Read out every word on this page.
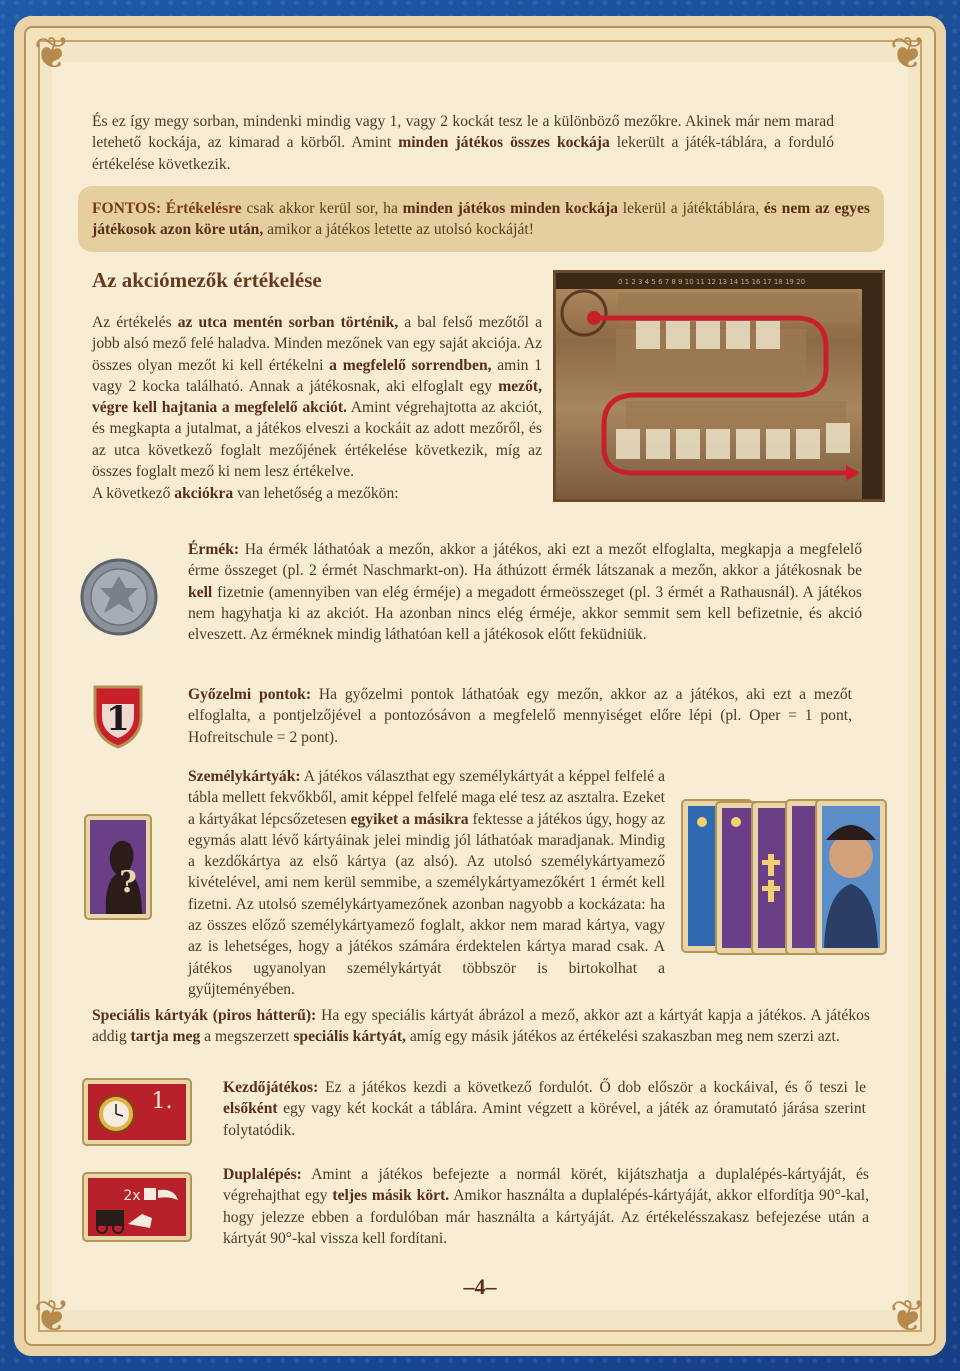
❦	❦
❦	❦

És ez így megy sorban, mindenki mindig vagy 1, vagy 2 kockát tesz le a különböző mezőkre. Akinek már nem marad letehető kockája, az kimarad a körből. Amint minden játékos összes kockája lekerült a játék-táblára, a forduló értékelése következik.

FONTOS: Értékelésre csak akkor kerül sor, ha minden játékos minden kockája lekerül a játéktáblára, és nem az egyes játékosok azon köre után, amikor a játékos letette az utolsó kockáját!

Az akciómezők értékelése

Az értékelés az utca mentén sorban történik, a bal felső mezőtől a jobb alsó mező felé haladva. Minden mezőnek van egy saját akciója. Az összes olyan mezőt ki kell értékelni a megfelelő sorrendben, amin 1 vagy 2 kocka található. Annak a játékosnak, aki elfoglalt egy mezőt, végre kell hajtania a megfelelő akciót. Amint végrehajtotta az akciót, és megkapta a jutalmat, a játékos elveszi a kockáit az adott mezőről, és az utca következő foglalt mezőjének értékelése következik, míg az összes foglalt mező ki nem lesz értékelve.

A következő akciókra van lehetőség a mezőkön:

0 1 2 3 4 5 6 7 8 9 10 11 12 13 14 15 16 17 18 19 20

Érmék: Ha érmék láthatóak a mezőn, akkor a játékos, aki ezt a mezőt elfoglalta, megkapja a megfelelő érme összeget (pl. 2 érmét Naschmarkt-on). Ha áthúzott érmék látszanak a mezőn, akkor a játékosnak be kell fizetnie (amennyiben van elég érméje) a megadott érmeösszeget (pl. 3 érmét a Rathausnál). A játékos nem hagyhatja ki az akciót. Ha azonban nincs elég érméje, akkor semmit sem kell befizetnie, és akció elveszett. Az érméknek mindig láthatóan kell a játékosok előtt feküdniük.

1

Győzelmi pontok: Ha győzelmi pontok láthatóak egy mezőn, akkor az a játékos, aki ezt a mezőt elfoglalta, a pontjelzőjével a pontozósávon a megfelelő mennyiséget előre lépi (pl. Oper = 1 pont, Hofreitschule = 2 pont).

?

Személykártyák: A játékos választhat egy személykártyát a képpel felfelé a tábla mellett fekvőkből, amit képpel felfelé maga elé tesz az asztalra. Ezeket a kártyákat lépcsőzetesen egyiket a másikra fektesse a játékos úgy, hogy az egymás alatt lévő kártyáinak jelei mindig jól láthatóak maradjanak. Mindig a kezdőkártya az első kártya (az alsó). Az utolsó személykártyamező kivételével, ami nem kerül semmibe, a személykártyamezőkért 1 érmét kell fizetni. Az utolsó személykártyamezőnek azonban nagyobb a kockázata: ha az összes előző személykártyamező foglalt, akkor nem marad kártya, vagy az is lehetséges, hogy a játékos számára érdektelen kártya marad csak. A játékos ugyanolyan személykártyát többször is birtokolhat a gyűjteményében.

Speciális kártyák (piros hátterű): Ha egy speciális kártyát ábrázol a mező, akkor azt a kártyát kapja a játékos. A játékos addig tartja meg a megszerzett speciális kártyát, amíg egy másik játékos az értékelési szakaszban meg nem szerzi azt.

1.

Kezdőjátékos: Ez a játékos kezdi a következő fordulót. Ő dob először a kockáival, és ő teszi le elsőként egy vagy két kockát a táblára. Amint végzett a körével, a játék az óramutató járása szerint folytatódik.

2x

Duplalépés: Amint a játékos befejezte a normál körét, kijátszhatja a duplalépés-kártyáját, és végrehajthat egy teljes másik kört. Amikor használta a duplalépés-kártyáját, akkor elfordítja 90°-kal, hogy jelezze ebben a fordulóban már használta a kártyáját. Az értékelésszakasz befejezése után a kártyát 90°-kal vissza kell fordítani.

–4–
